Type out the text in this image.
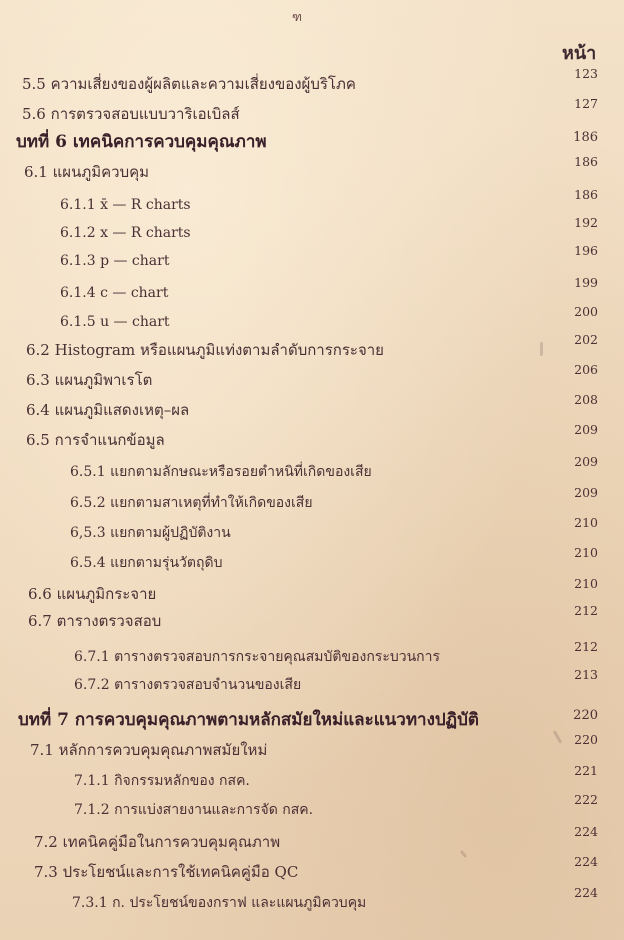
ฑ
หน้า
5.5 ความเสี่ยงของผู้ผลิตและความเสี่ยงของผู้บริโภค
123
5.6 การตรวจสอบแบบวาริเอเบิลส์
127
บทที่ 6 เทคนิคการควบคุมคุณภาพ	186
6.1 แผนภูมิควบคุม
186
6.1.1 x̄ — R charts
186
6.1.2 x — R charts
192
6.1.3 p — chart
196
6.1.4 c — chart
199
6.1.5 u — chart
200
6.2 Histogram หรือแผนภูมิแท่งตามลำดับการกระจาย
202
6.3 แผนภูมิพาเรโต
206
6.4 แผนภูมิแสดงเหตุ–ผล
208
6.5 การจำแนกข้อมูล
209
6.5.1 แยกตามลักษณะหรือรอยตำหนิที่เกิดของเสีย
209
6.5.2 แยกตามสาเหตุที่ทำให้เกิดของเสีย
209
6,5.3 แยกตามผู้ปฏิบัติงาน
210
6.5.4 แยกตามรุ่นวัตถุดิบ
210
6.6 แผนภูมิกระจาย
210
6.7 ตารางตรวจสอบ
212
6.7.1 ตารางตรวจสอบการกระจายคุณสมบัติของกระบวนการ
212
6.7.2 ตารางตรวจสอบจำนวนของเสีย
213
บทที่ 7 การควบคุมคุณภาพตามหลักสมัยใหม่และแนวทางปฏิบัติ	220
7.1 หลักการควบคุมคุณภาพสมัยใหม่
220
7.1.1 กิจกรรมหลักของ กสค.
221
7.1.2 การแบ่งสายงานและการจัด กสค.
222
7.2 เทคนิคคู่มือในการควบคุมคุณภาพ
224
7.3 ประโยชน์และการใช้เทคนิคคู่มือ QC
224
7.3.1 ก. ประโยชน์ของกราฟ และแผนภูมิควบคุม
224
